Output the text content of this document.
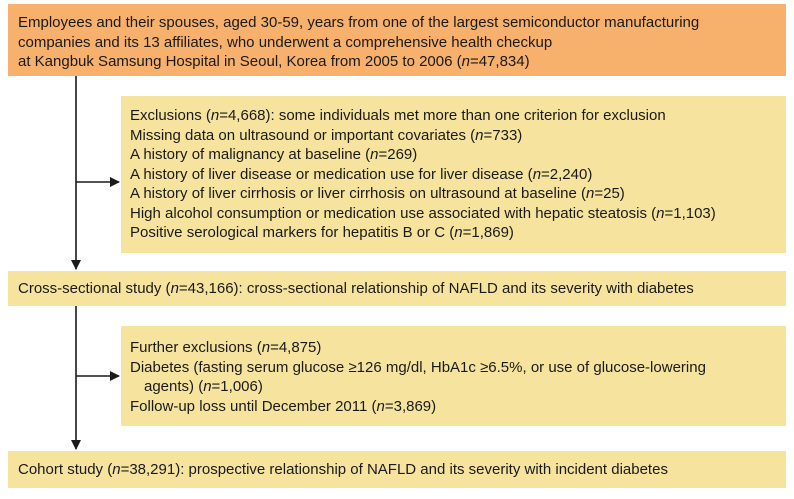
Employees and their spouses, aged 30-59, years from one of the largest semiconductor manufacturing

companies and its 13 affiliates, who underwent a comprehensive health checkup

at Kangbuk Samsung Hospital in Seoul, Korea from 2005 to 2006 (n=47,834)

Exclusions (n=4,668): some individuals met more than one criterion for exclusion

Missing data on ultrasound or important covariates (n=733)

A history of malignancy at baseline (n=269)

A history of liver disease or medication use for liver disease (n=2,240)

A history of liver cirrhosis or liver cirrhosis on ultrasound at baseline (n=25)

High alcohol consumption or medication use associated with hepatic steatosis (n=1,103)

Positive serological markers for hepatitis B or C (n=1,869)

Cross-sectional study (n=43,166): cross-sectional relationship of NAFLD and its severity with diabetes

Further exclusions (n=4,875)

Diabetes (fasting serum glucose ≥126 mg/dl, HbA1c ≥6.5%, or use of glucose-lowering
agents) (n=1,006)

Follow-up loss until December 2011 (n=3,869)

Cohort study (n=38,291): prospective relationship of NAFLD and its severity with incident diabetes
